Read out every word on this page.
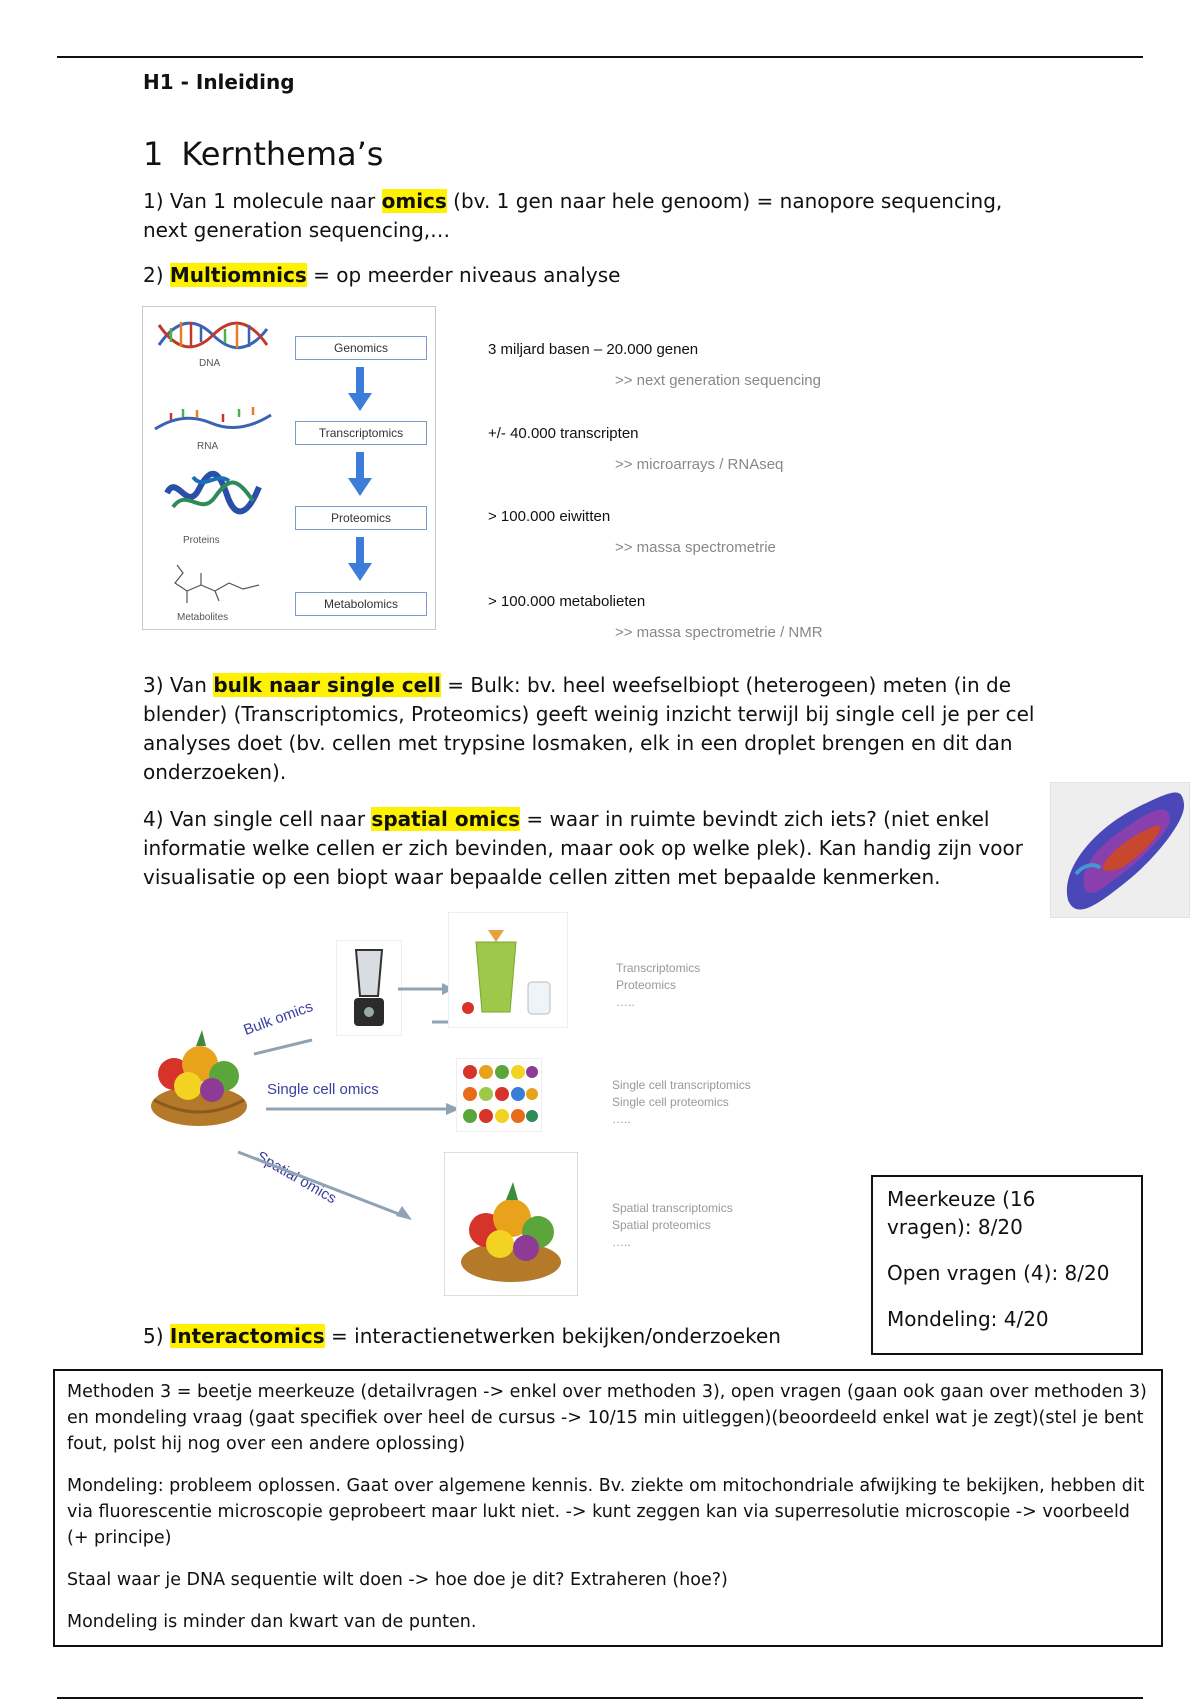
H1 - Inleiding
1 Kernthema’s
1) Van 1 molecule naar omics (bv. 1 gen naar hele genoom) = nanopore sequencing,
next generation sequencing,…
2) Multiomnics = op meerder niveaus analyse
DNA
RNA
Proteins
Metabolites
Genomics
Transcriptomics
Proteomics
Metabolomics
3 miljard basen – 20.000 genen
>> next generation sequencing
+/- 40.000 transcripten
>> microarrays / RNAseq
> 100.000 eiwitten
>> massa spectrometrie
> 100.000 metabolieten
>> massa spectrometrie / NMR
3) Van bulk naar single cell = Bulk: bv. heel weefselbiopt (heterogeen) meten (in de
blender) (Transcriptomics, Proteomics) geeft weinig inzicht terwijl bij single cell je per cel
analyses doet (bv. cellen met trypsine losmaken, elk in een droplet brengen en dit dan
onderzoeken).
4) Van single cell naar spatial omics = waar in ruimte bevindt zich iets? (niet enkel
informatie welke cellen er zich bevinden, maar ook op welke plek). Kan handig zijn voor
visualisatie op een biopt waar bepaalde cellen zitten met bepaalde kenmerken.
Bulk omics
Transcriptomics
Proteomics
…..
Single cell omics	Single cell transcriptomics
Single cell proteomics
…..
Spatial omics
Spatial transcriptomics
Spatial proteomics
…..
Meerkeuze (16
vragen): 8/20
Open vragen (4): 8/20
Mondeling: 4/20
5) Interactomics = interactienetwerken bekijken/onderzoeken

Methoden 3 = beetje meerkeuze (detailvragen -> enkel over methoden 3), open vragen (gaan ook gaan over methoden 3) en mondeling vraag (gaat specifiek over heel de cursus -> 10/15 min uitleggen)(beoordeeld enkel wat je zegt)(stel je bent fout, polst hij nog over een andere oplossing)

Mondeling: probleem oplossen. Gaat over algemene kennis. Bv. ziekte om mitochondriale afwijking te bekijken, hebben dit via fluorescentie microscopie geprobeert maar lukt niet. -> kunt zeggen kan via superresolutie microscopie -> voorbeeld (+ principe)

Staal waar je DNA sequentie wilt doen -> hoe doe je dit? Extraheren (hoe?)

Mondeling is minder dan kwart van de punten.
